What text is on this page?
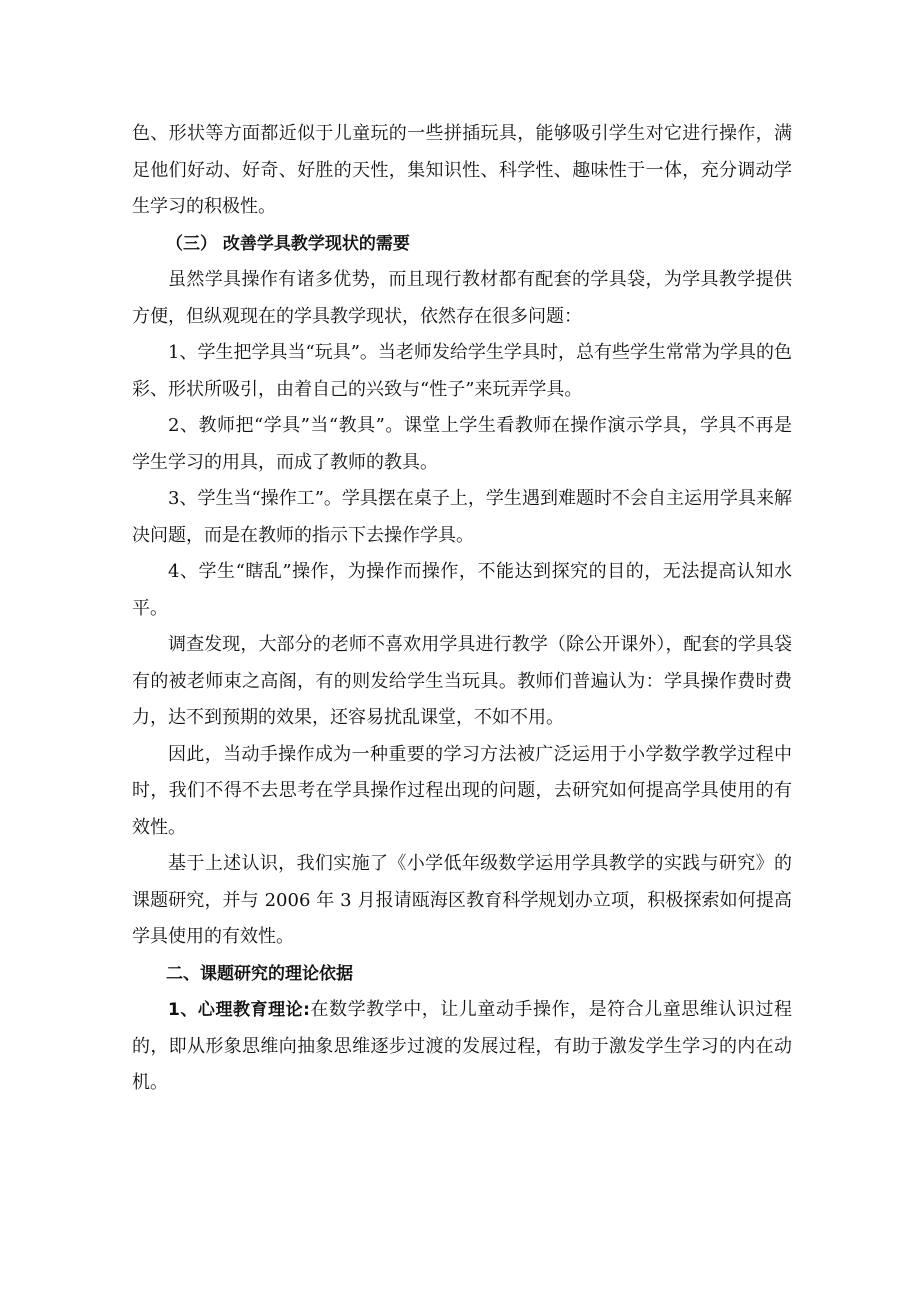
色、形状等方面都近似于儿童玩的一些拼插玩具，能够吸引学生对它进行操作，满足他们好动、好奇、好胜的天性，集知识性、科学性、趣味性于一体，充分调动学生学习的积极性。

（三） 改善学具教学现状的需要

虽然学具操作有诸多优势，而且现行教材都有配套的学具袋，为学具教学提供方便，但纵观现在的学具教学现状，依然存在很多问题：

1、学生把学具当“玩具”。当老师发给学生学具时，总有些学生常常为学具的色彩、形状所吸引，由着自己的兴致与“性子”来玩弄学具。

2、教师把“学具”当“教具”。课堂上学生看教师在操作演示学具，学具不再是学生学习的用具，而成了教师的教具。

3、学生当“操作工”。学具摆在桌子上，学生遇到难题时不会自主运用学具来解决问题，而是在教师的指示下去操作学具。

4、学生“瞎乱”操作，为操作而操作，不能达到探究的目的，无法提高认知水平。

调查发现，大部分的老师不喜欢用学具进行教学（除公开课外），配套的学具袋有的被老师束之高阁，有的则发给学生当玩具。教师们普遍认为：学具操作费时费力，达不到预期的效果，还容易扰乱课堂，不如不用。

因此，当动手操作成为一种重要的学习方法被广泛运用于小学数学教学过程中时，我们不得不去思考在学具操作过程出现的问题，去研究如何提高学具使用的有效性。

基于上述认识，我们实施了《小学低年级数学运用学具教学的实践与研究》的课题研究，并与 2006 年 3 月报请瓯海区教育科学规划办立项，积极探索如何提高学具使用的有效性。

二、课题研究的理论依据

1、心理教育理论:在数学教学中，让儿童动手操作，是符合儿童思维认识过程的，即从形象思维向抽象思维逐步过渡的发展过程，有助于激发学生学习的内在动机。
